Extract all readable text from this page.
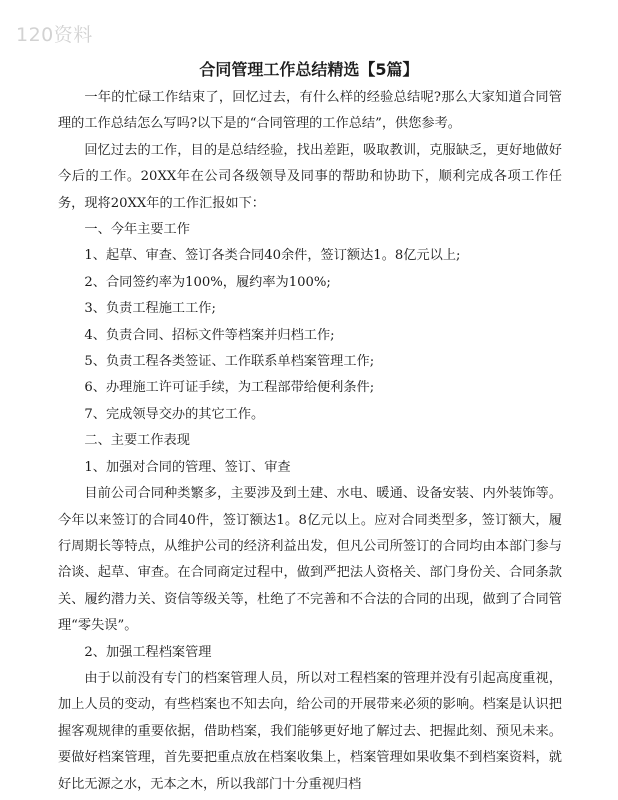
120资料
合同管理工作总结精选【5篇】

一年的忙碌工作结束了，回忆过去，有什么样的经验总结呢?那么大家知道合同管理的工作总结怎么写吗?以下是的“合同管理的工作总结”，供您参考。

回忆过去的工作，目的是总结经验，找出差距，吸取教训，克服缺乏，更好地做好今后的工作。20XX年在公司各级领导及同事的帮助和协助下，顺利完成各项工作任务，现将20XX年的工作汇报如下：

一、今年主要工作

1、起草、审查、签订各类合同40余件，签订额达1。8亿元以上;

2、合同签约率为100%，履约率为100%;

3、负责工程施工工作;

4、负责合同、招标文件等档案并归档工作;

5、负责工程各类签证、工作联系单档案管理工作;

6、办理施工许可证手续，为工程部带给便利条件;

7、完成领导交办的其它工作。

二、主要工作表现

1、加强对合同的管理、签订、审查

目前公司合同种类繁多，主要涉及到土建、水电、暖通、设备安装、内外装饰等。今年以来签订的合同40件，签订额达1。8亿元以上。应对合同类型多，签订额大，履行周期长等特点，从维护公司的经济利益出发，但凡公司所签订的合同均由本部门参与洽谈、起草、审查。在合同商定过程中，做到严把法人资格关、部门身份关、合同条款关、履约潜力关、资信等级关等，杜绝了不完善和不合法的合同的出现，做到了合同管理“零失误”。

2、加强工程档案管理

由于以前没有专门的档案管理人员，所以对工程档案的管理并没有引起高度重视，加上人员的变动，有些档案也不知去向，给公司的开展带来必须的影响。档案是认识把握客观规律的重要依据，借助档案，我们能够更好地了解过去、把握此刻、预见未来。要做好档案管理，首先要把重点放在档案收集上，档案管理如果收集不到档案资料，就好比无源之水，无本之木，所以我部门十分重视归档
